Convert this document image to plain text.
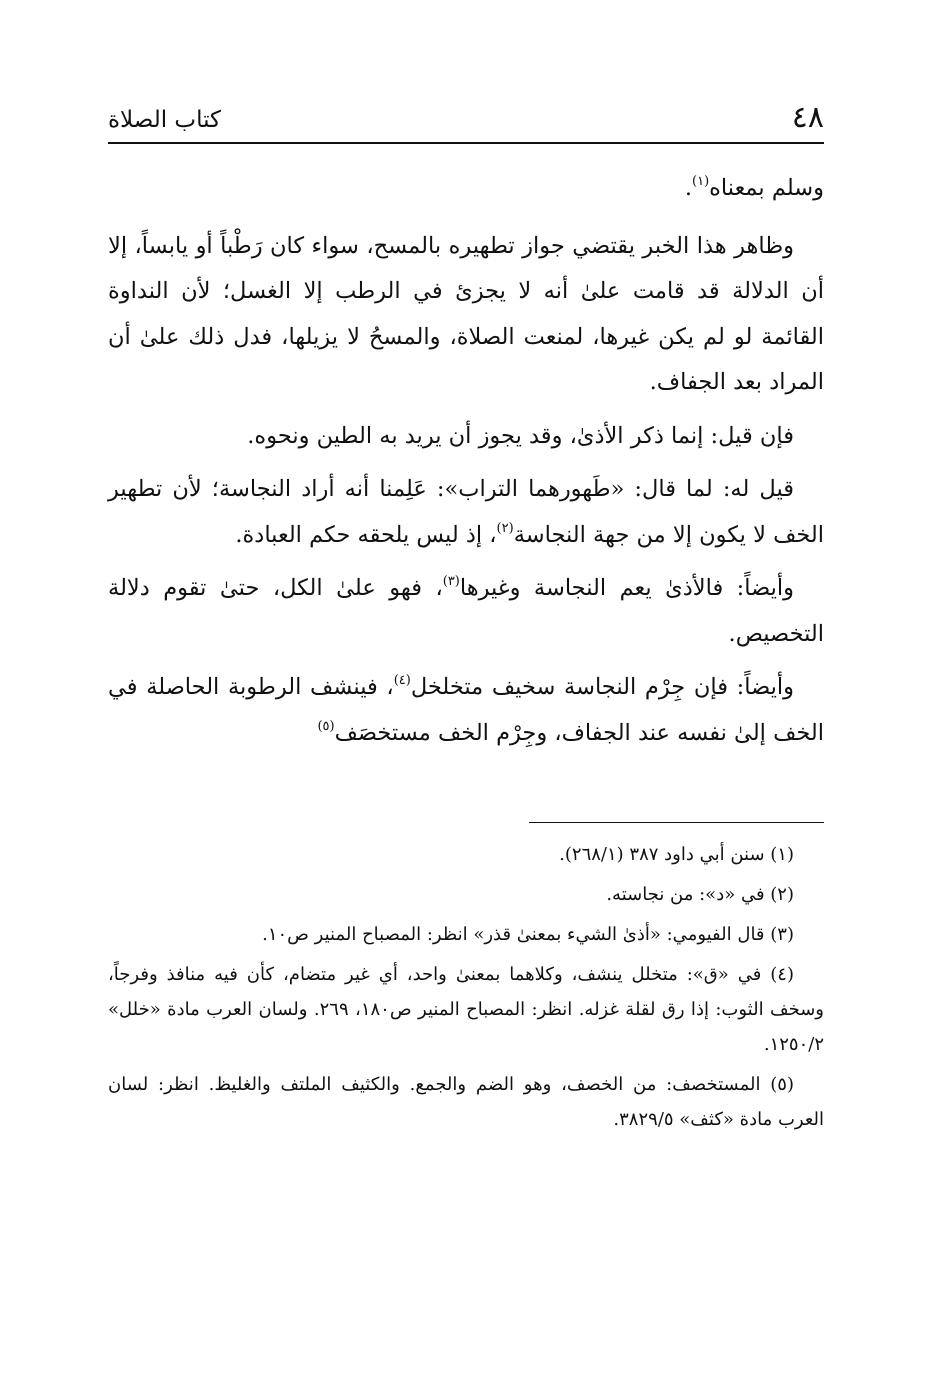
٤٨
كتاب الصلاة

وسلم بمعناه$^{(١)}$.

وظاهر هذا الخبر يقتضي جواز تطهيره بالمسح، سواء كان رَطْباً أو يابساً، إلا أن الدلالة قد قامت علىٰ أنه لا يجزئ في الرطب إلا الغسل؛ لأن النداوة القائمة لو لم يكن غيرها، لمنعت الصلاة، والمسحُ لا يزيلها، فدل ذلك علىٰ أن المراد بعد الجفاف.

فإن قيل: إنما ذكر الأذىٰ، وقد يجوز أن يريد به الطين ونحوه.

قيل له: لما قال: «طَهورهما التراب»: عَلِمنا أنه أراد النجاسة؛ لأن تطهير الخف لا يكون إلا من جهة النجاسة$^{(٢)}$، إذ ليس يلحقه حكم العبادة.

وأيضاً: فالأذىٰ يعم النجاسة وغيرها$^{(٣)}$، فهو علىٰ الكل، حتىٰ تقوم دلالة التخصيص.

وأيضاً: فإن جِرْم النجاسة سخيف متخلخل$^{(٤)}$، فينشف الرطوبة الحاصلة في الخف إلىٰ نفسه عند الجفاف، وجِرْم الخف مستخصَف$^{(٥)}$

(١) سنن أبي داود ٣٨٧ (٢٦٨/١).

(٢) في «د»: من نجاسته.

(٣) قال الفيومي: «أذىٰ الشيء بمعنىٰ قذر» انظر: المصباح المنير ص١٠.

(٤) في «ق»: متخلل ينشف، وكلاهما بمعنىٰ واحد، أي غير متضام، كأن فيه منافذ وفرجاً، وسخف الثوب: إذا رق لقلة غزله. انظر: المصباح المنير ص١٨٠، ٢٦٩. ولسان العرب مادة «خلل» ١٢٥٠/٢.

(٥) المستخصف: من الخصف، وهو الضم والجمع. والكثيف الملتف والغليظ. انظر: لسان العرب مادة «كثف» ٣٨٢٩/٥.
